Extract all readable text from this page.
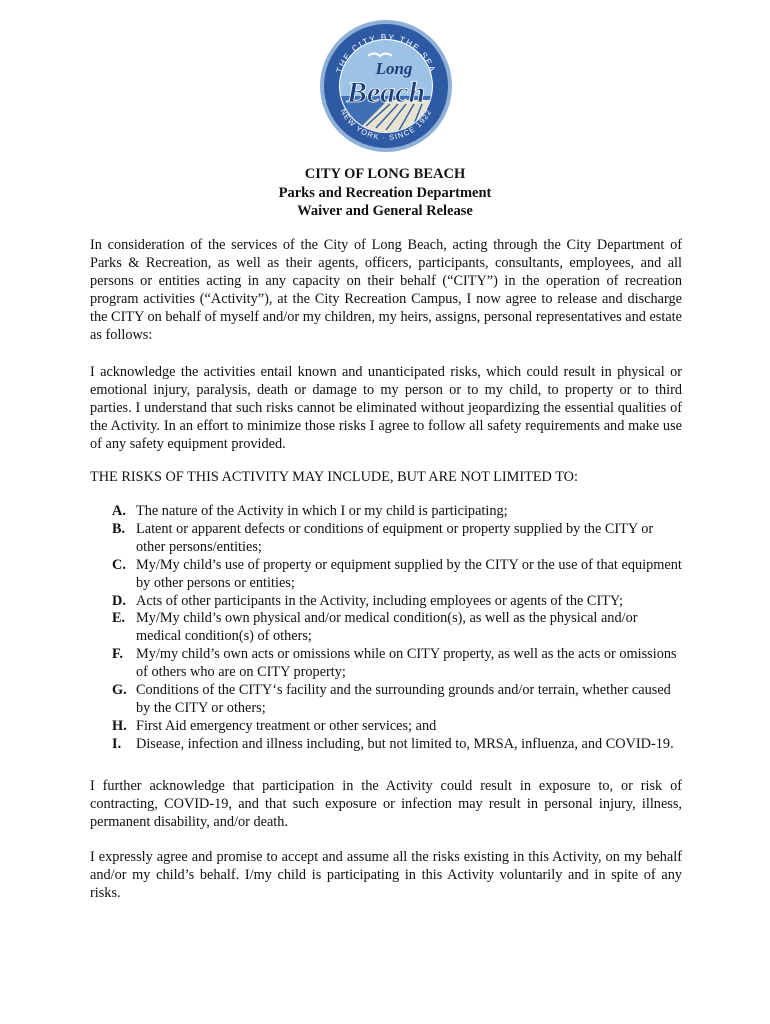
THE CITY BY THE SEA
NEW YORK · SINCE 1922
Long
Beach
CITY OF LONG BEACH
Parks and Recreation Department
Waiver and General Release

In consideration of the services of the City of Long Beach, acting through the City Department of Parks & Recreation, as well as their agents, officers, participants, consultants, employees, and all persons or entities acting in any capacity on their behalf (“CITY”) in the operation of recreation program activities (“Activity”), at the City Recreation Campus, I now agree to release and discharge the CITY on behalf of myself and/or my children, my heirs, assigns, personal representatives and estate as follows:

I acknowledge the activities entail known and unanticipated risks, which could result in physical or emotional injury, paralysis, death or damage to my person or to my child, to property or to third parties. I understand that such risks cannot be eliminated without jeopardizing the essential qualities of the Activity. In an effort to minimize those risks I agree to follow all safety requirements and make use of any safety equipment provided.

THE RISKS OF THIS ACTIVITY MAY INCLUDE, BUT ARE NOT LIMITED TO:

A. The nature of the Activity in which I or my child is participating;
B. Latent or apparent defects or conditions of equipment or property supplied by the CITY or other persons/entities;
C. My/My child’s use of property or equipment supplied by the CITY or the use of that equipment by other persons or entities;
D. Acts of other participants in the Activity, including employees or agents of the CITY;
E. My/My child’s own physical and/or medical condition(s), as well as the physical and/or medical condition(s) of others;
F. My/my child’s own acts or omissions while on CITY property, as well as the acts or omissions of others who are on CITY property;
G. Conditions of the CITY‘s facility and the surrounding grounds and/or terrain, whether caused by the CITY or others;
H. First Aid emergency treatment or other services; and
I. Disease, infection and illness including, but not limited to, MRSA, influenza, and COVID-19.

I further acknowledge that participation in the Activity could result in exposure to, or risk of contracting, COVID-19, and that such exposure or infection may result in personal injury, illness, permanent disability, and/or death.

I expressly agree and promise to accept and assume all the risks existing in this Activity, on my behalf and/or my child’s behalf. I/my child is participating in this Activity voluntarily and in spite of any risks.
